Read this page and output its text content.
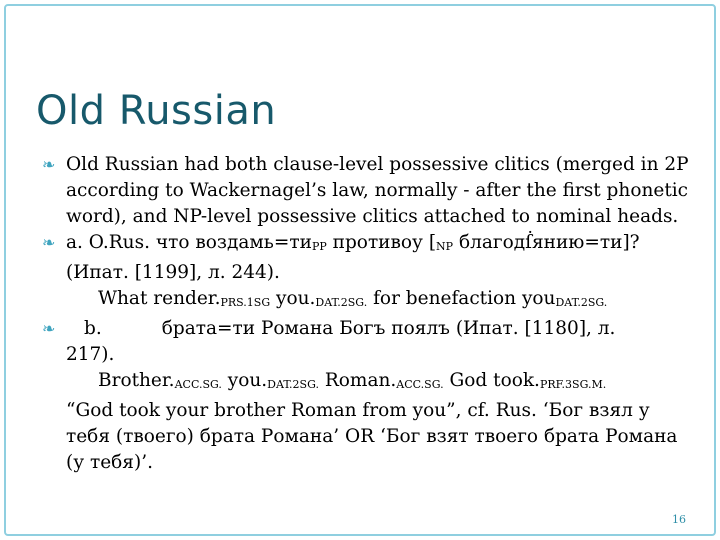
Old Russian
❧ Old Russian had both clause-level possessive clitics (merged in 2P according to Wackernagel’s law, normally - after the first phonetic word), and NP-level possessive clitics attached to nominal heads.
❧ a. O.Rus. что воздамь=тиPP противоу [NP благодẛянию=ти]?
(Ипат. [1199], л. 244).
What render.PRS.1SG you.DAT.2SG. for benefaction youDAT.2SG.
❧ b.	брата=ти Романа Богъ поялъ (Ипат. [1180], л.
217).
Brother.ACC.SG. you.DAT.2SG. Roman.ACC.SG. God took.PRF.3SG.M.
“God took your brother Roman from you”, cf. Rus. ‘Бог взял у тебя (твоего) брата Романа’ OR ‘Бог взят твоего брата Романа (у тебя)’.
16
